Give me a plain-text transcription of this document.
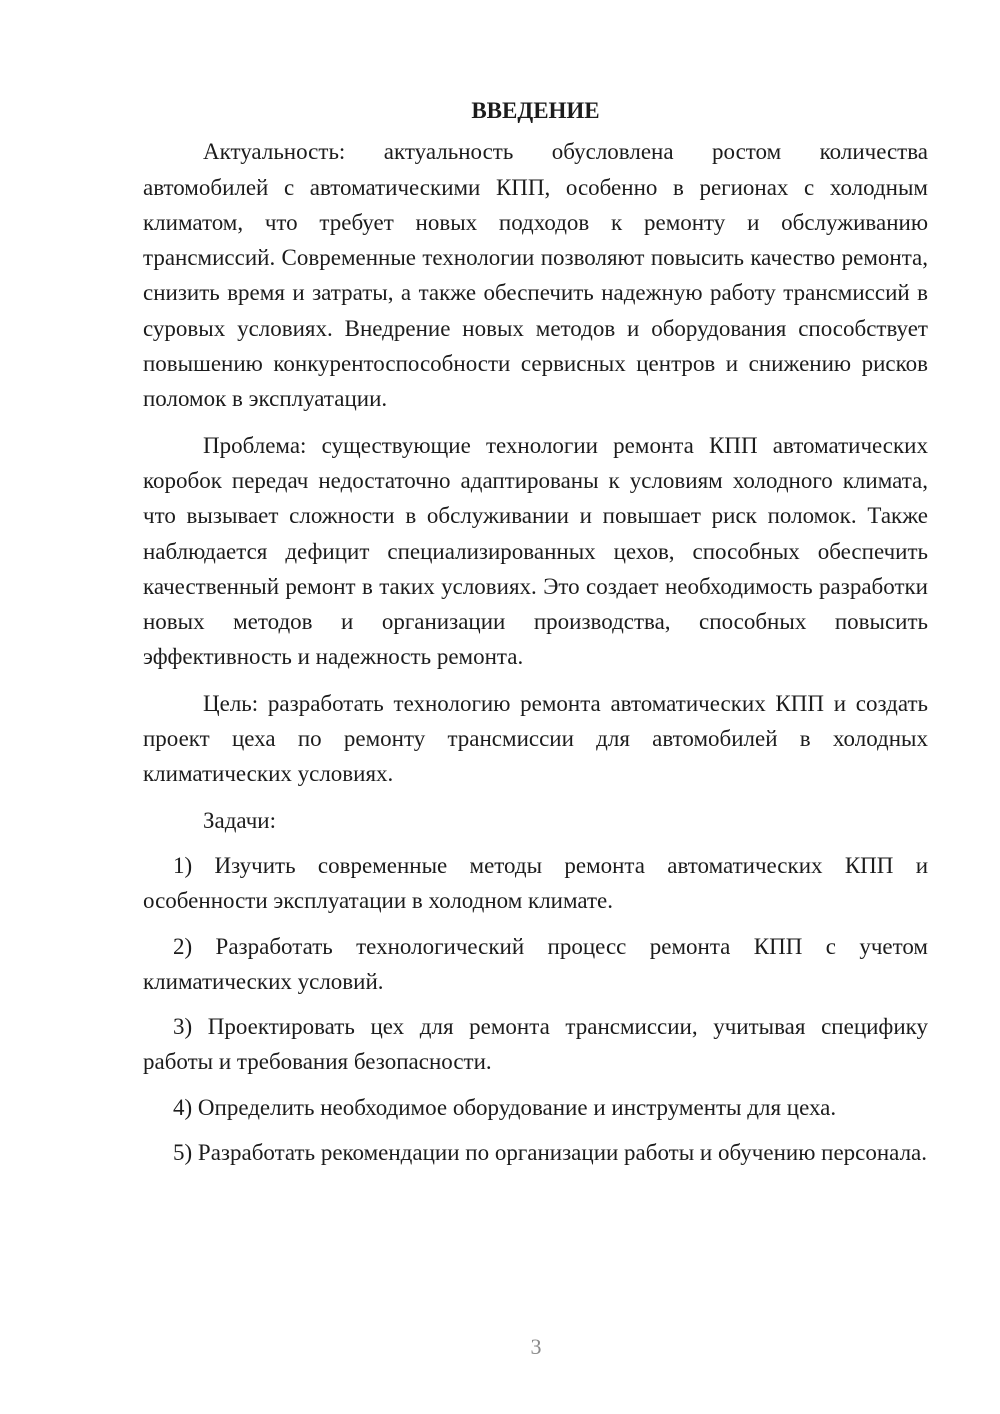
ВВЕДЕНИЕ

Актуальность: актуальность обусловлена ростом количества автомобилей с автоматическими КПП, особенно в регионах с холодным климатом, что требует новых подходов к ремонту и обслуживанию трансмиссий. Современные технологии позволяют повысить качество ремонта, снизить время и затраты, а также обеспечить надежную работу трансмиссий в суровых условиях. Внедрение новых методов и оборудования способствует повышению конкурентоспособности сервисных центров и снижению рисков поломок в эксплуатации.

Проблема: существующие технологии ремонта КПП автоматических коробок передач недостаточно адаптированы к условиям холодного климата, что вызывает сложности в обслуживании и повышает риск поломок. Также наблюдается дефицит специализированных цехов, способных обеспечить качественный ремонт в таких условиях. Это создает необходимость разработки новых методов и организации производства, способных повысить эффективность и надежность ремонта.

Цель: разработать технологию ремонта автоматических КПП и создать проект цеха по ремонту трансмиссии для автомобилей в холодных климатических условиях.

Задачи:

1) Изучить современные методы ремонта автоматических КПП и особенности эксплуатации в холодном климате.

2) Разработать технологический процесс ремонта КПП с учетом климатических условий.

3) Проектировать цех для ремонта трансмиссии, учитывая специфику работы и требования безопасности.

4) Определить необходимое оборудование и инструменты для цеха.

5) Разработать рекомендации по организации работы и обучению персонала.

3
